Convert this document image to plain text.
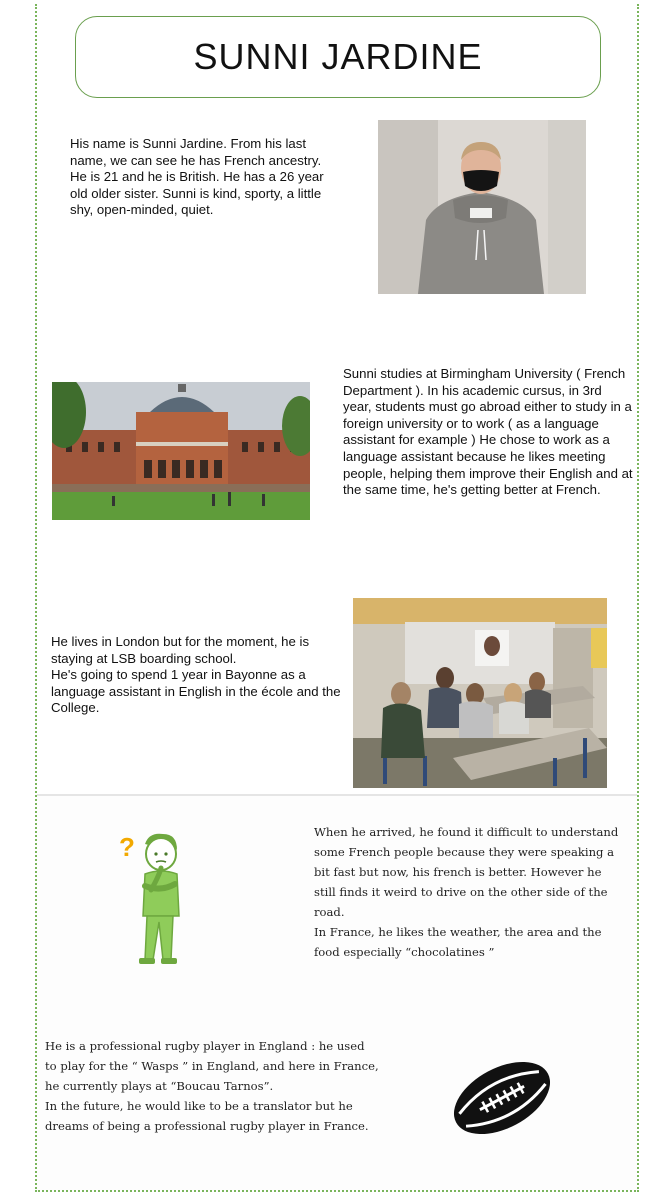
SUNNI JARDINE

His name is Sunni Jardine. From his last name, we can see he has French ancestry.

He is 21 and he is British. He has a 26 year old older sister. Sunni is kind, sporty, a little shy, open-minded, quiet.

Sunni studies at Birmingham University ( French Department ). In his academic cursus, in 3rd year, students must go abroad either to study in a foreign university or to work ( as a language assistant for example ) He chose to work as a language assistant because he likes meeting people, helping them improve their English and at the same time, he's getting better at French.

He lives in London but for the moment, he is staying at LSB boarding school.

He's going to spend 1 year in Bayonne as a language assistant in English in the école and the College.

?	When he arrived, he found it difficult to understand some French people because they were speaking a bit fast but now, his french is better. However he still finds it weird to drive on the other side of the road.

In France, he likes the weather, the area and the food especially “chocolatines ”

He is a professional rugby player in England : he used to play for the “ Wasps ” in England, and here in France, he currently plays at “Boucau Tarnos”.

In the future, he would like to be a translator but he dreams of being a professional rugby player in France.
